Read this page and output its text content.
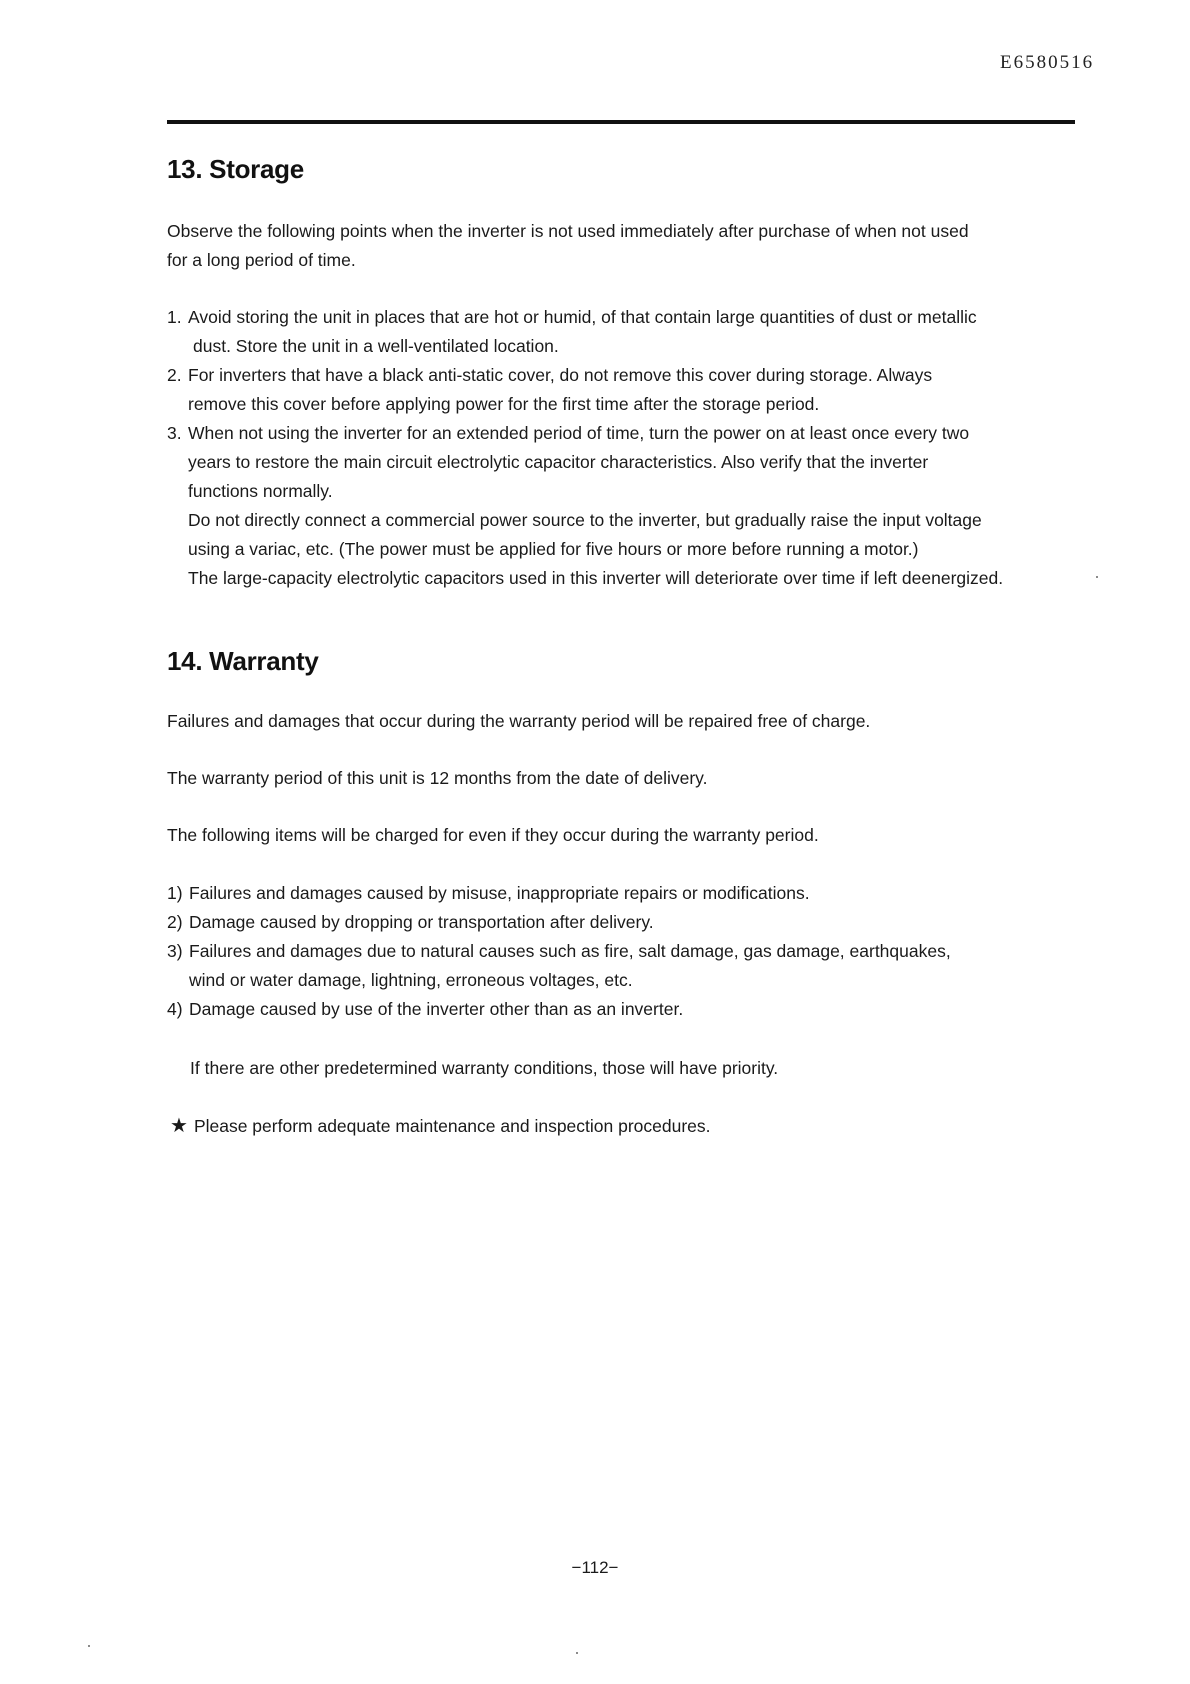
E6580516
13. Storage

Observe the following points when the inverter is not used immediately after purchase of when not used
for a long period of time.

1. Avoid storing the unit in places that are hot or humid, of that contain large quantities of dust or metallic
dust. Store the unit in a well-ventilated location.
2. For inverters that have a black anti-static cover, do not remove this cover during storage. Always
remove this cover before applying power for the first time after the storage period.
3. When not using the inverter for an extended period of time, turn the power on at least once every two
years to restore the main circuit electrolytic capacitor characteristics. Also verify that the inverter
functions normally.
Do not directly connect a commercial power source to the inverter, but gradually raise the input voltage
using a variac, etc. (The power must be applied for five hours or more before running a motor.)
The large-capacity electrolytic capacitors used in this inverter will deteriorate over time if left deenergized.
14. Warranty

Failures and damages that occur during the warranty period will be repaired free of charge.

The warranty period of this unit is 12 months from the date of delivery.

The following items will be charged for even if they occur during the warranty period.

1) Failures and damages caused by misuse, inappropriate repairs or modifications.
2) Damage caused by dropping or transportation after delivery.
3) Failures and damages due to natural causes such as fire, salt damage, gas damage, earthquakes,
wind or water damage, lightning, erroneous voltages, etc.
4) Damage caused by use of the inverter other than as an inverter.

If there are other predetermined warranty conditions, those will have priority.

★ Please perform adequate maintenance and inspection procedures.
−112−
